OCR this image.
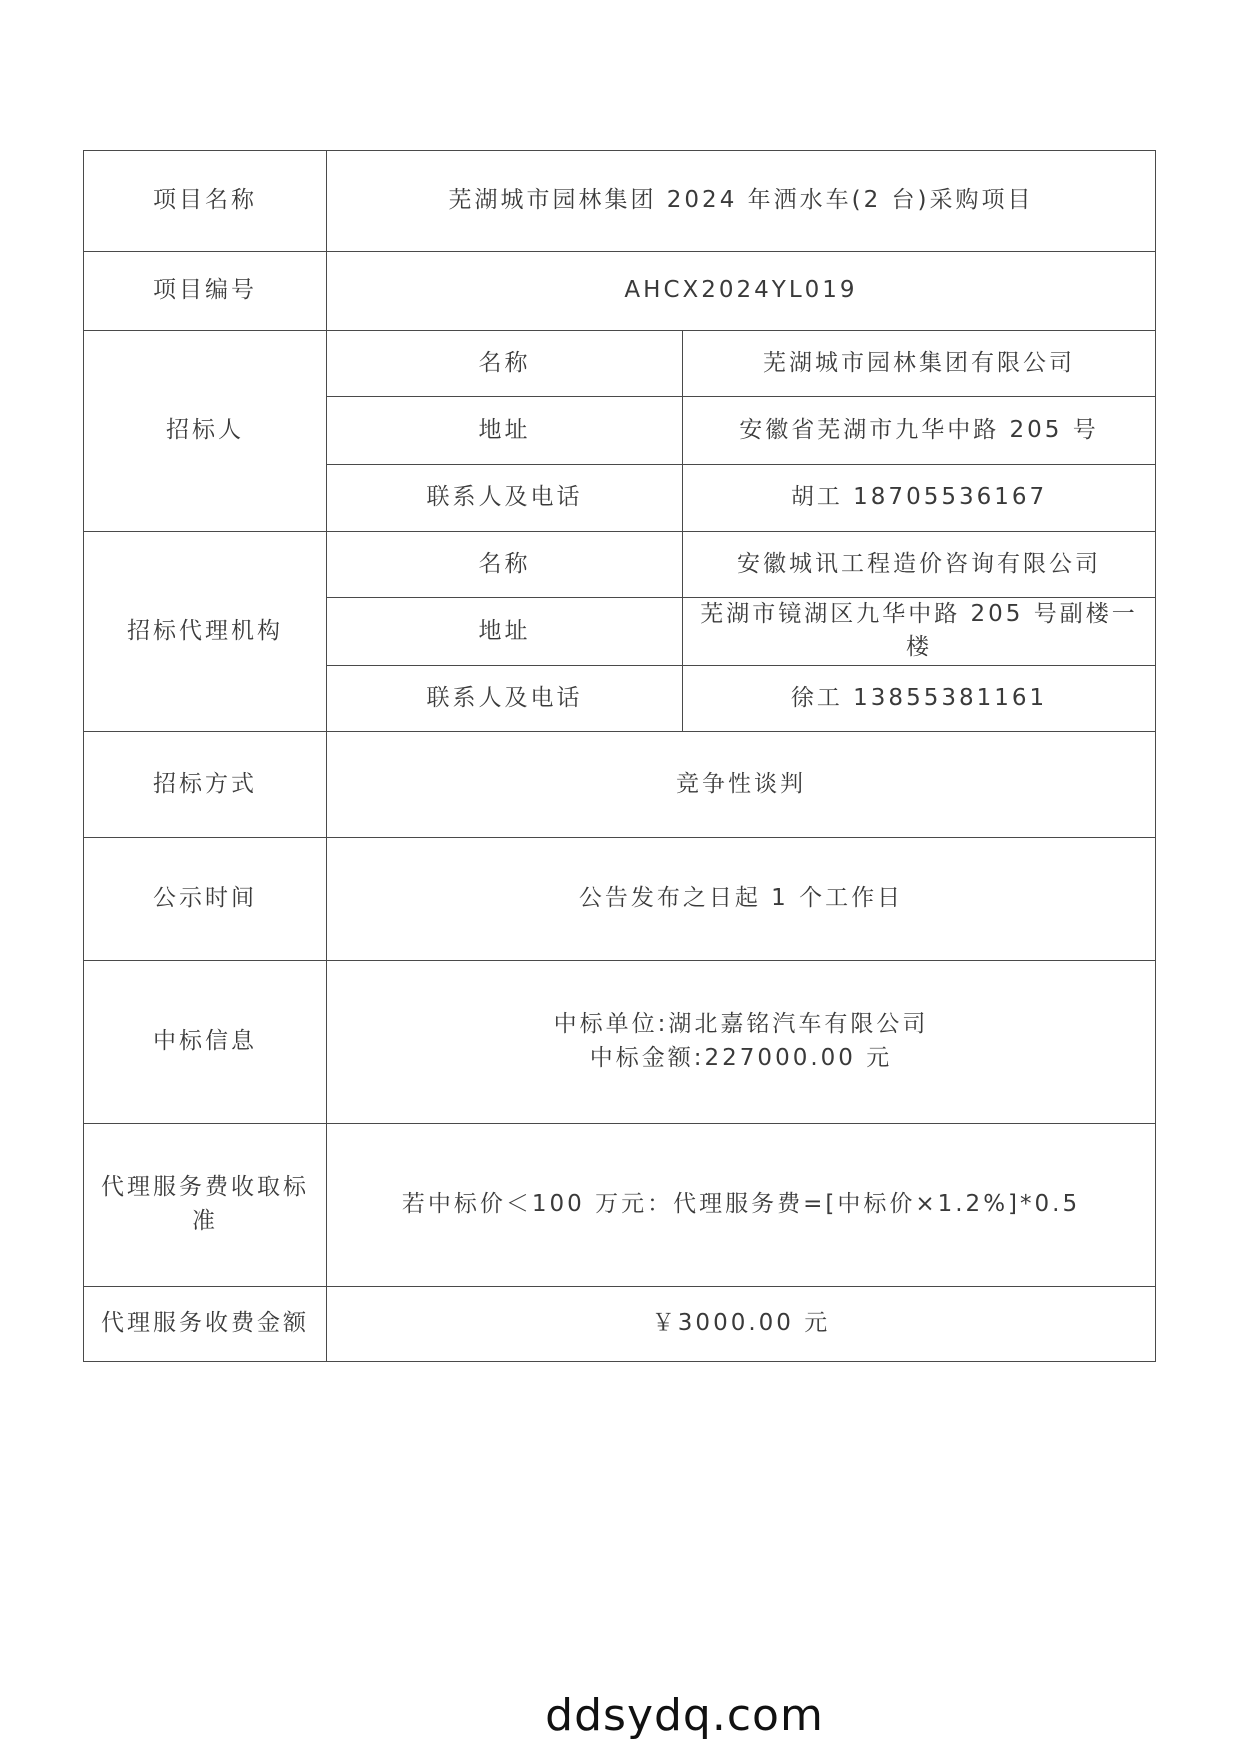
项目名称	芜湖城市园林集团 2024 年洒水车(2 台)采购项目	
项目编号	AHCX2024YL019	
招标人	名称	芜湖城市园林集团有限公司
	地址	安徽省芜湖市九华中路 205 号
	联系人及电话	胡工 18705536167
招标代理机构	名称	安徽城讯工程造价咨询有限公司
	地址	芜湖市镜湖区九华中路 205 号副楼一楼
	联系人及电话	徐工 13855381161
招标方式	竞争性谈判	
公示时间	公告发布之日起 1 个工作日	
中标信息	中标单位:湖北嘉铭汽车有限公司
中标金额:227000.00 元	

代理服务费收取标准	若中标价＜100 万元：代理服务费=[中标价×1.2%]*0.5	
代理服务收费金额	￥3000.00 元	
ddsydq.com
